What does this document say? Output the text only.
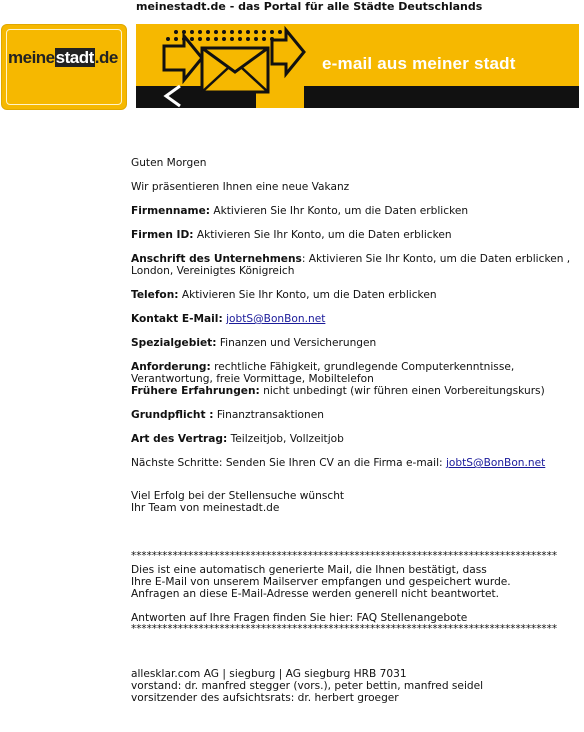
meinestadt.de - das Portal für alle Städte Deutschlands
meinestadt.de	e-mail aus meiner stadt
Guten Morgen
Wir präsentieren Ihnen eine neue Vakanz
Firmenname: Aktivieren Sie Ihr Konto, um die Daten erblicken
Firmen ID: Aktivieren Sie Ihr Konto, um die Daten erblicken
Anschrift des Unternehmens: Aktivieren Sie Ihr Konto, um die Daten erblicken ,
London, Vereinigtes Königreich
Telefon: Aktivieren Sie Ihr Konto, um die Daten erblicken
Kontakt E-Mail: jobtS@BonBon.net
Spezialgebiet: Finanzen und Versicherungen
Anforderung: rechtliche Fähigkeit, grundlegende Computerkenntnisse,
Verantwortung, freie Vormittage, Mobiltelefon
Frühere Erfahrungen: nicht unbedingt (wir führen einen Vorbereitungskurs)
Grundpflicht : Finanztransaktionen
Art des Vertrag: Teilzeitjob, Vollzeitjob
Nächste Schritte: Senden Sie Ihren CV an die Firma e-mail: jobtS@BonBon.net
Viel Erfolg bei der Stellensuche wünscht
Ihr Team von meinestadt.de
**********************************************************************************
Dies ist eine automatisch generierte Mail, die Ihnen bestätigt, dass
Ihre E-Mail von unserem Mailserver empfangen und gespeichert wurde.
Anfragen an diese E-Mail-Adresse werden generell nicht beantwortet.
Antworten auf Ihre Fragen finden Sie hier: FAQ Stellenangebote
**********************************************************************************
allesklar.com AG | siegburg | AG siegburg HRB 7031
vorstand: dr. manfred stegger (vors.), peter bettin, manfred seidel
vorsitzender des aufsichtsrats: dr. herbert groeger
